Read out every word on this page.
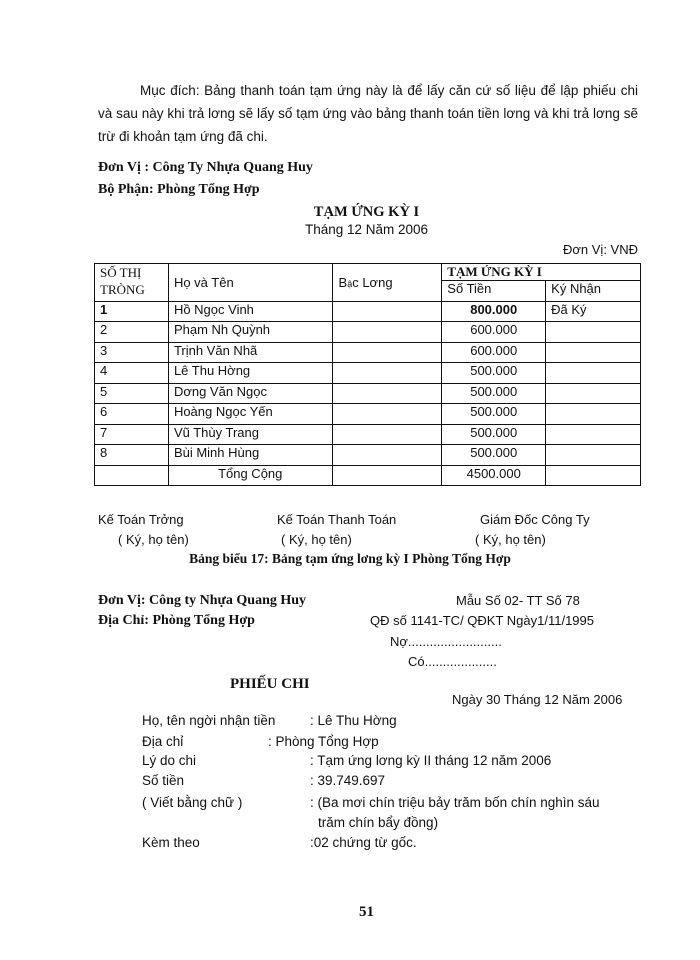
Mục đích: Bảng thanh toán tạm ứng này là để lấy căn cứ số liệu để lập phiếu chi và sau này khi trả lơng sẽ lấy số tạm ứng vào bảng thanh toán tiền lơng và khi trả lơng sẽ trừ đi khoản tạm ứng đã chi.

Đơn Vị : Công Ty Nhựa Quang Huy
Bộ Phận: Phòng Tổng Hợp
TẠM ỨNG KỲ I
Tháng 12 Năm 2006
Đơn Vị: VNĐ
SỐ THỊ TRÒNG	Họ và Tên	Bậc Lơng	TẠM ỨNG KỲ I	
			Số Tiền	Ký Nhận
1	Hồ Ngọc Vinh		800.000	Đã Ký
2	Phạm Nh Quỳnh		600.000	
3	Trịnh Văn Nhã		600.000	
4	Lê Thu Hờng		500.000	
5	Dơng Văn Ngọc		500.000	
6	Hoàng Ngọc Yến		500.000	
7	Vũ Thùy Trang		500.000	
8	Bùi Minh Hùng		500.000	
	Tổng Cộng		4500.000	
Kế Toán Trởng
( Ký, họ tên)
Kế Toán Thanh Toán
( Ký, họ tên)
Giám Đốc Công Ty
( Ký, họ tên)
Bảng biểu 17: Bảng tạm ứng lơng kỳ I Phòng Tổng Hợp
Đơn Vị: Công ty Nhựa Quang Huy
Địa Chỉ: Phòng Tổng Hợp
Mẫu Số 02- TT Số 78
QĐ số 1141-TC/ QĐKT Ngày1/11/1995
Nợ..........................
Có....................
PHIẾU CHI
Ngày 30 Tháng 12 Năm 2006
Họ, tên ngời nhận tiền	: Lê Thu Hờng
Địa chỉ	: Phòng Tổng Hợp
Lý do chi	: Tạm ứng lơng kỳ II tháng 12 năm 2006
Số tiền	: 39.749.697
( Viết bằng chữ )	: (Ba mơi chín triệu bảy trăm bốn chín nghìn sáu
trăm chín bẩy đồng)
Kèm theo	:02 chứng từ gốc.
51
